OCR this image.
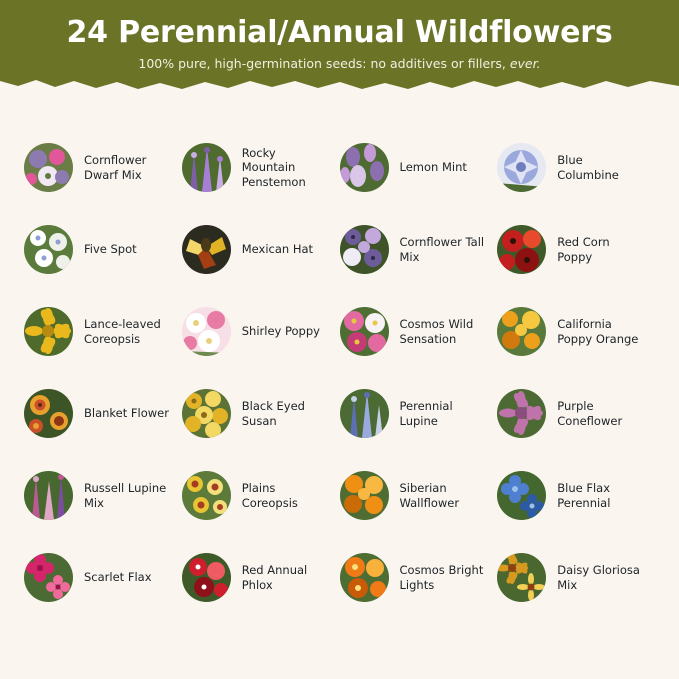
24 Perennial/Annual Wildflowers

100% pure, high-germination seeds: no additives or fillers, ever.

Cornflower Dwarf Mix
Rocky Mountain Penstemon
Lemon Mint
Blue Columbine
Five Spot	Mexican Hat
Cornflower Tall Mix
Red Corn Poppy
Lance-leaved Coreopsis
Shirley Poppy
Cosmos Wild Sensation
California Poppy Orange
Blanket Flower
Black Eyed Susan
Perennial Lupine
Purple Coneflower
Russell Lupine Mix
Plains Coreopsis
Siberian Wallflower
Blue Flax Perennial
Scarlet Flax
Red Annual Phlox
Cosmos Bright Lights
Daisy Gloriosa Mix
